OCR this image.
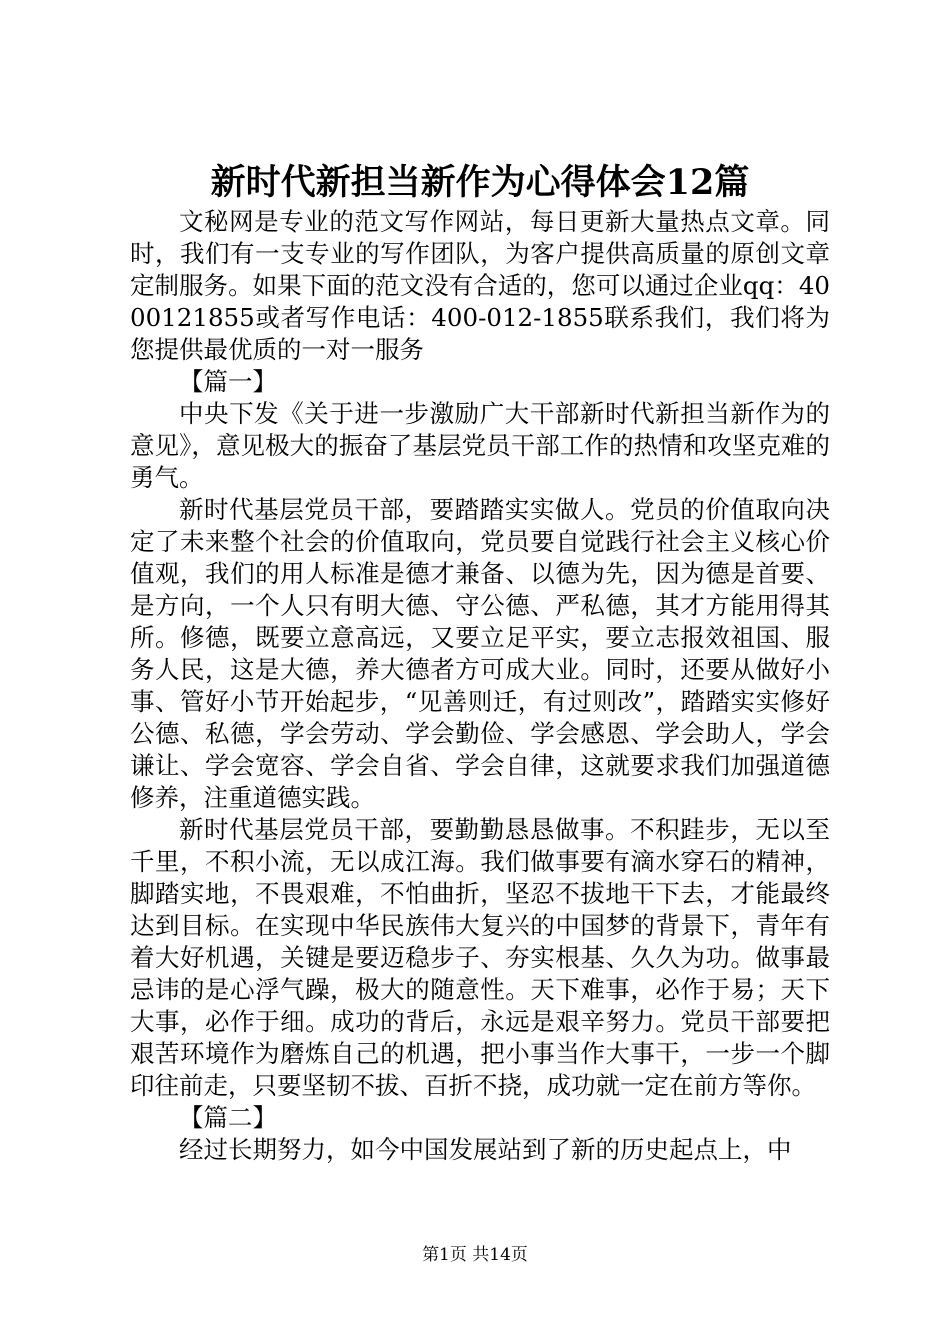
新时代新担当新作为心得体会12篇

文秘网是专业的范文写作网站，每日更新大量热点文章。同时，我们有一支专业的写作团队，为客户提供高质量的原创文章定制服务。如果下面的范文没有合适的，您可以通过企业qq：4000121855或者写作电话：400-012-1855联系我们，我们将为您提供最优质的一对一服务

【篇一】

中央下发《关于进一步激励广大干部新时代新担当新作为的意见》，意见极大的振奋了基层党员干部工作的热情和攻坚克难的勇气。

新时代基层党员干部，要踏踏实实做人。党员的价值取向决定了未来整个社会的价值取向，党员要自觉践行社会主义核心价值观，我们的用人标准是德才兼备、以德为先，因为德是首要、是方向，一个人只有明大德、守公德、严私德，其才方能用得其所。修德，既要立意高远，又要立足平实，要立志报效祖国、服务人民，这是大德，养大德者方可成大业。同时，还要从做好小事、管好小节开始起步，“见善则迁，有过则改”，踏踏实实修好公德、私德，学会劳动、学会勤俭、学会感恩、学会助人，学会谦让、学会宽容、学会自省、学会自律，这就要求我们加强道德修养，注重道德实践。

新时代基层党员干部，要勤勤恳恳做事。不积跬步，无以至千里，不积小流，无以成江海。我们做事要有滴水穿石的精神，脚踏实地，不畏艰难，不怕曲折，坚忍不拔地干下去，才能最终达到目标。在实现中华民族伟大复兴的中国梦的背景下，青年有着大好机遇，关键是要迈稳步子、夯实根基、久久为功。做事最忌讳的是心浮气躁，极大的随意性。天下难事，必作于易；天下大事，必作于细。成功的背后，永远是艰辛努力。党员干部要把艰苦环境作为磨炼自己的机遇，把小事当作大事干，一步一个脚印往前走，只要坚韧不拔、百折不挠，成功就一定在前方等你。

【篇二】

经过长期努力，如今中国发展站到了新的历史起点上，中

第1页 共14页
